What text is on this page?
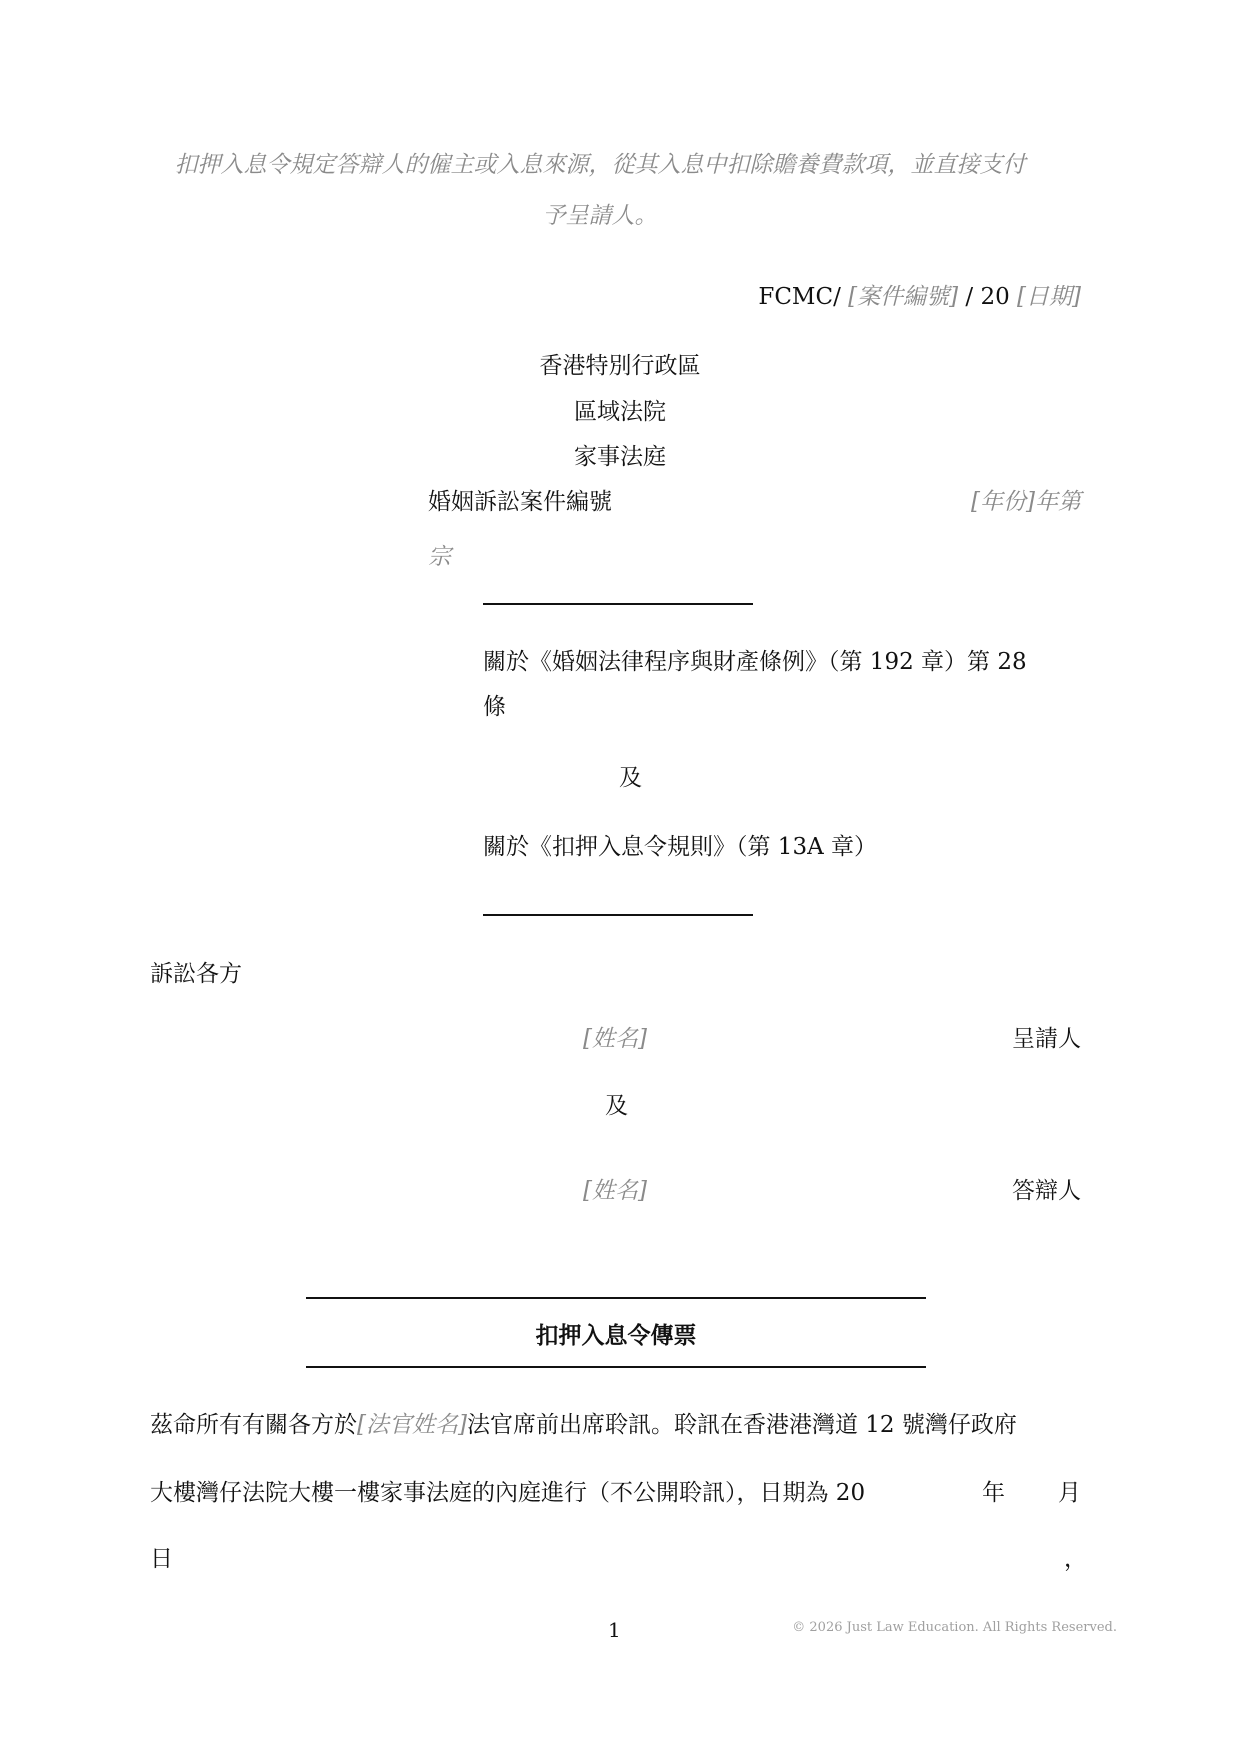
扣押入息令規定答辯人的僱主或入息來源，從其入息中扣除贍養費款項，並直接支付
予呈請人。
FCMC/ [案件編號] / 20 [日期]
香港特別行政區
區域法院
家事法庭
婚姻訴訟案件編號	[年份]年第
宗
關於《婚姻法律程序與財產條例》（第 192 章）第 28
條
及
關於《扣押入息令規則》（第 13A 章）
訴訟各方
[姓名]	呈請人
及
[姓名]	答辯人
扣押入息令傳票
茲命所有有關各方於[法官姓名]法官席前出席聆訊。聆訊在香港港灣道 12 號灣仔政府
大樓灣仔法院大樓一樓家事法庭的內庭進行（不公開聆訊），日期為 20	年 月
日	，
1	© 2026 Just Law Education. All Rights Reserved.
